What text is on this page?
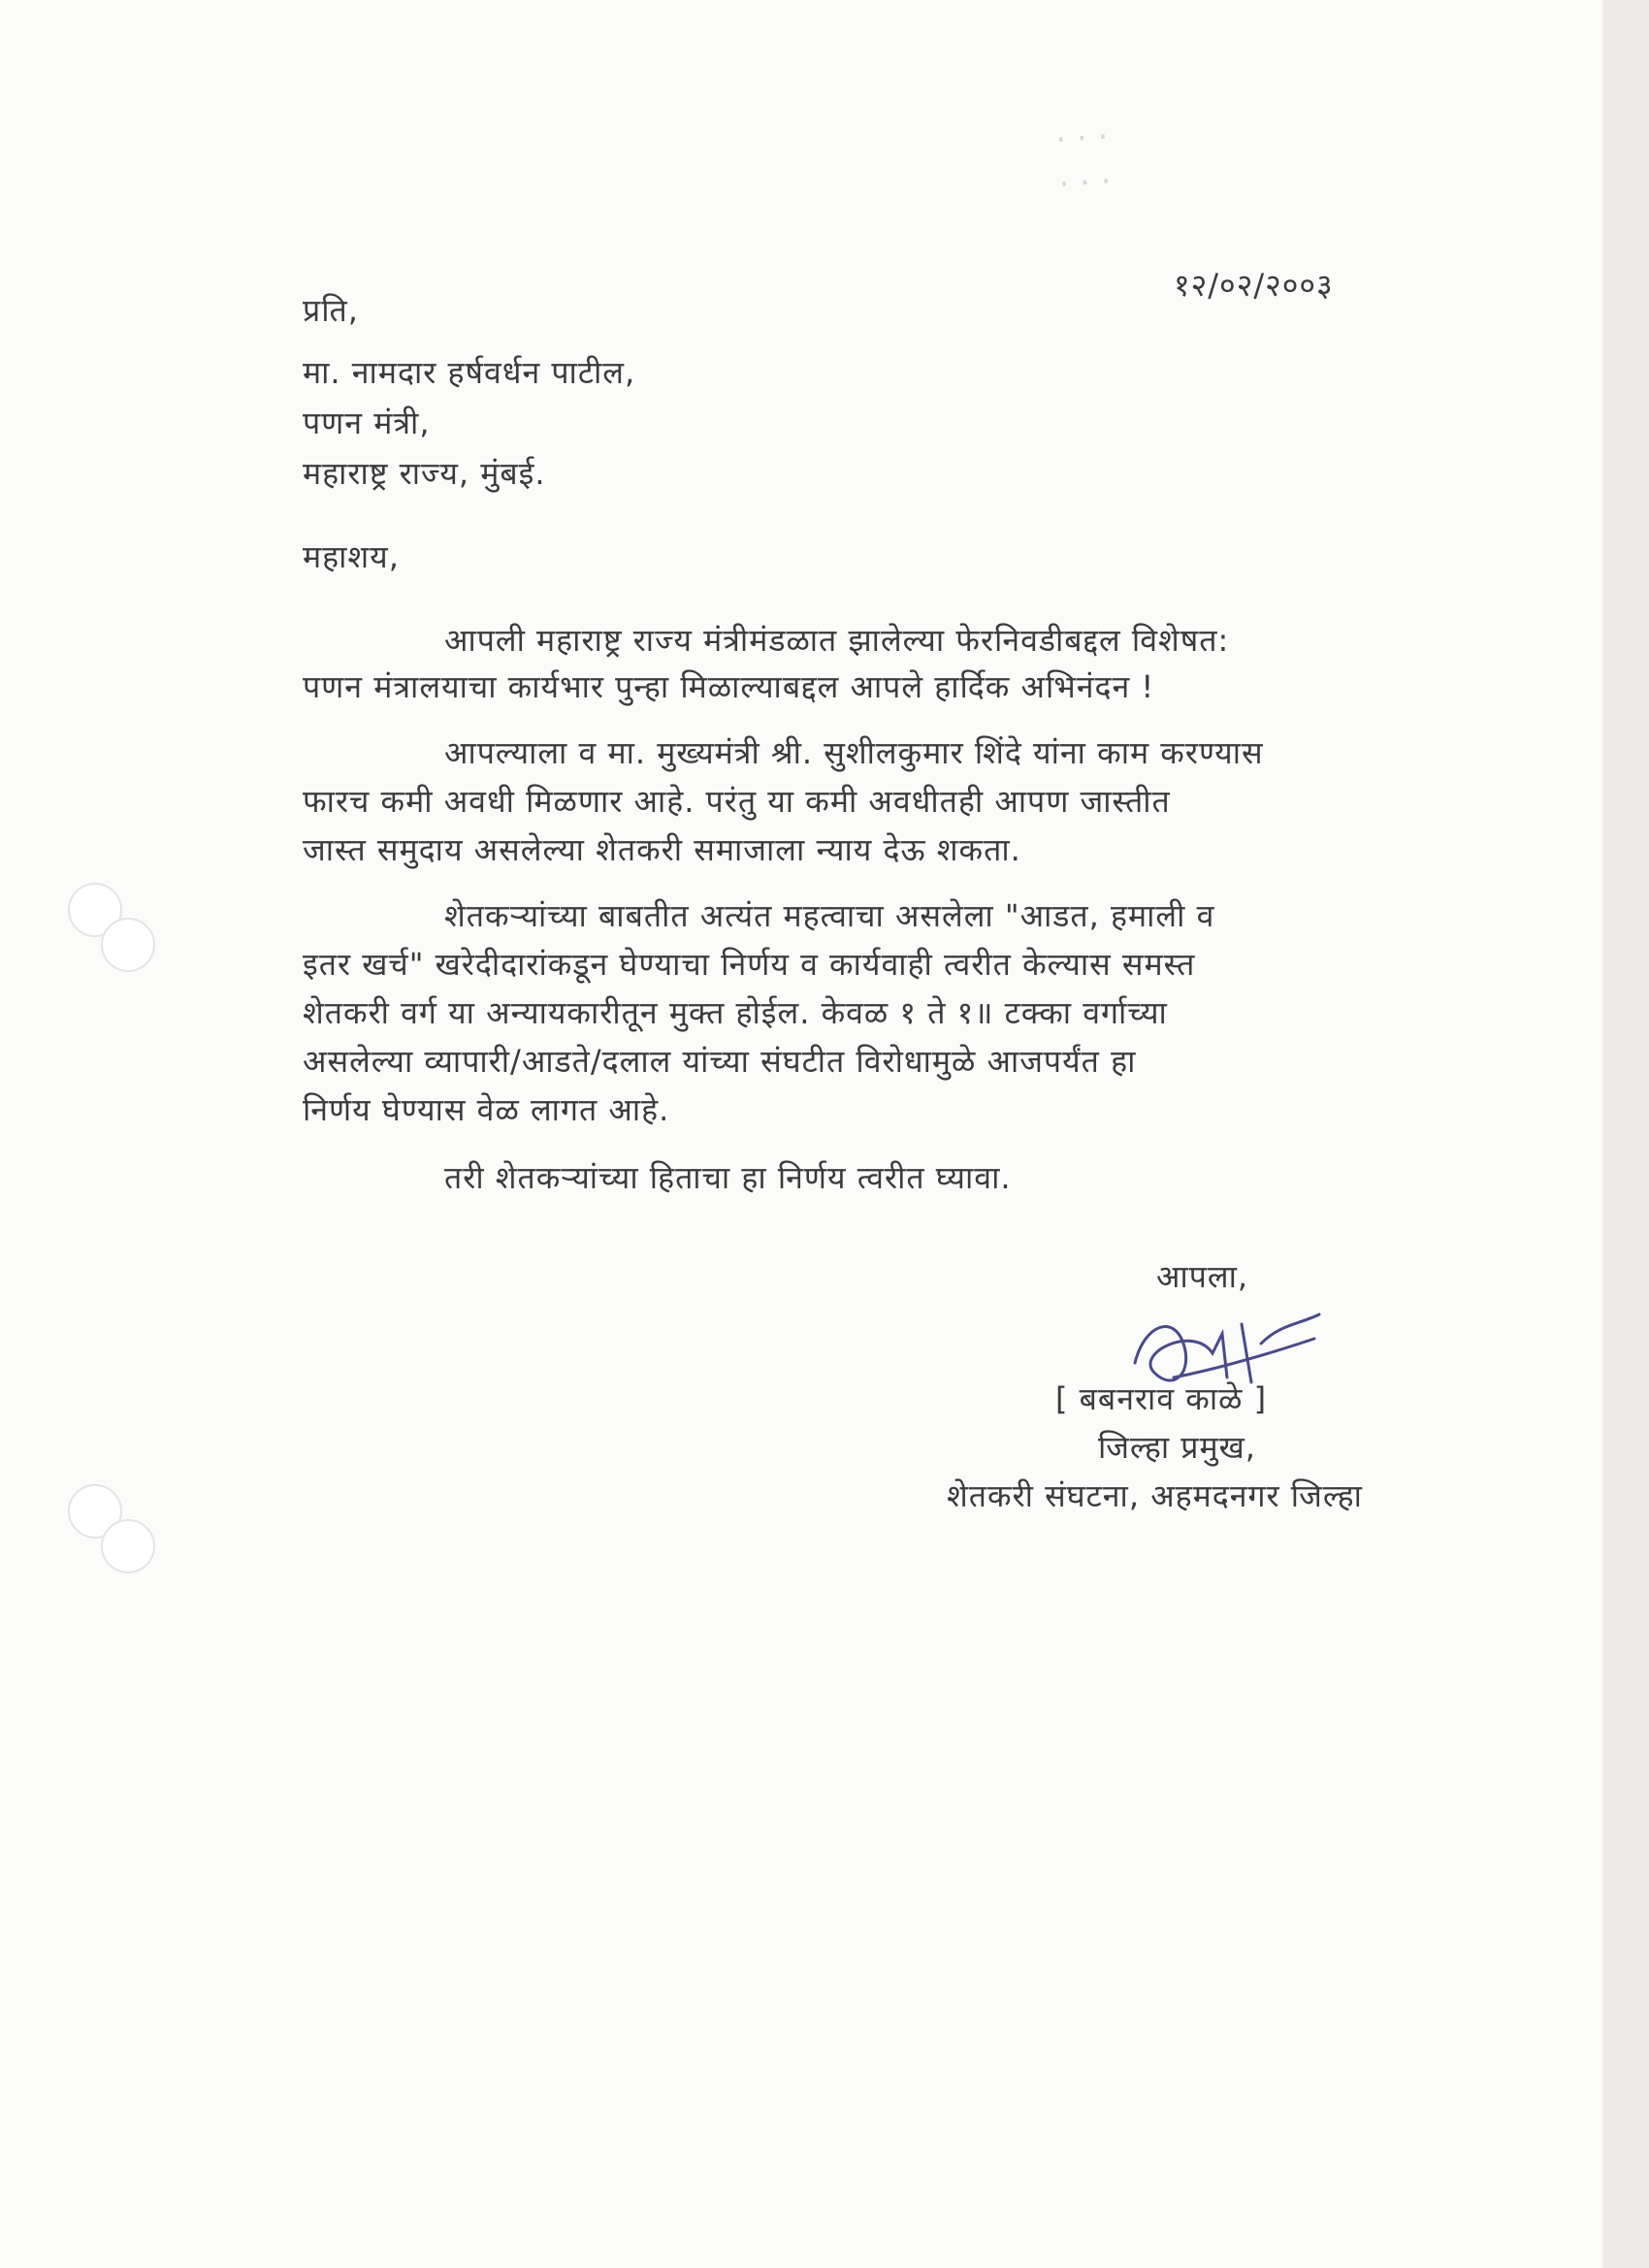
· · ·
· · ·
१२/०२/२००३
प्रति,
मा. नामदार हर्षवर्धन पाटील,
पणन मंत्री,
महाराष्ट्र राज्य, मुंबई.
महाशय,
आपली महाराष्ट्र राज्य मंत्रीमंडळात झालेल्या फेरनिवडीबद्दल विशेषत:
पणन मंत्रालयाचा कार्यभार पुन्हा मिळाल्याबद्दल आपले हार्दिक अभिनंदन !
आपल्याला व मा. मुख्यमंत्री श्री. सुशीलकुमार शिंदे यांना काम करण्यास
फारच कमी अवधी मिळणार आहे. परंतु या कमी अवधीतही आपण जास्तीत
जास्त समुदाय असलेल्या शेतकरी समाजाला न्याय देऊ शकता.
शेतकऱ्यांच्या बाबतीत अत्यंत महत्वाचा असलेला "आडत, हमाली व
इतर खर्च" खरेदीदारांकडून घेण्याचा निर्णय व कार्यवाही त्वरीत केल्यास समस्त
शेतकरी वर्ग या अन्यायकारीतून मुक्त होईल. केवळ १ ते १॥ टक्का वर्गाच्या
असलेल्या व्यापारी/आडते/दलाल यांच्या संघटीत विरोधामुळे आजपर्यंत हा
निर्णय घेण्यास वेळ लागत आहे.
तरी शेतकऱ्यांच्या हिताचा हा निर्णय त्वरीत घ्यावा.
आपला,
[ बबनराव काळे ]
जिल्हा प्रमुख,
शेतकरी संघटना, अहमदनगर जिल्हा
